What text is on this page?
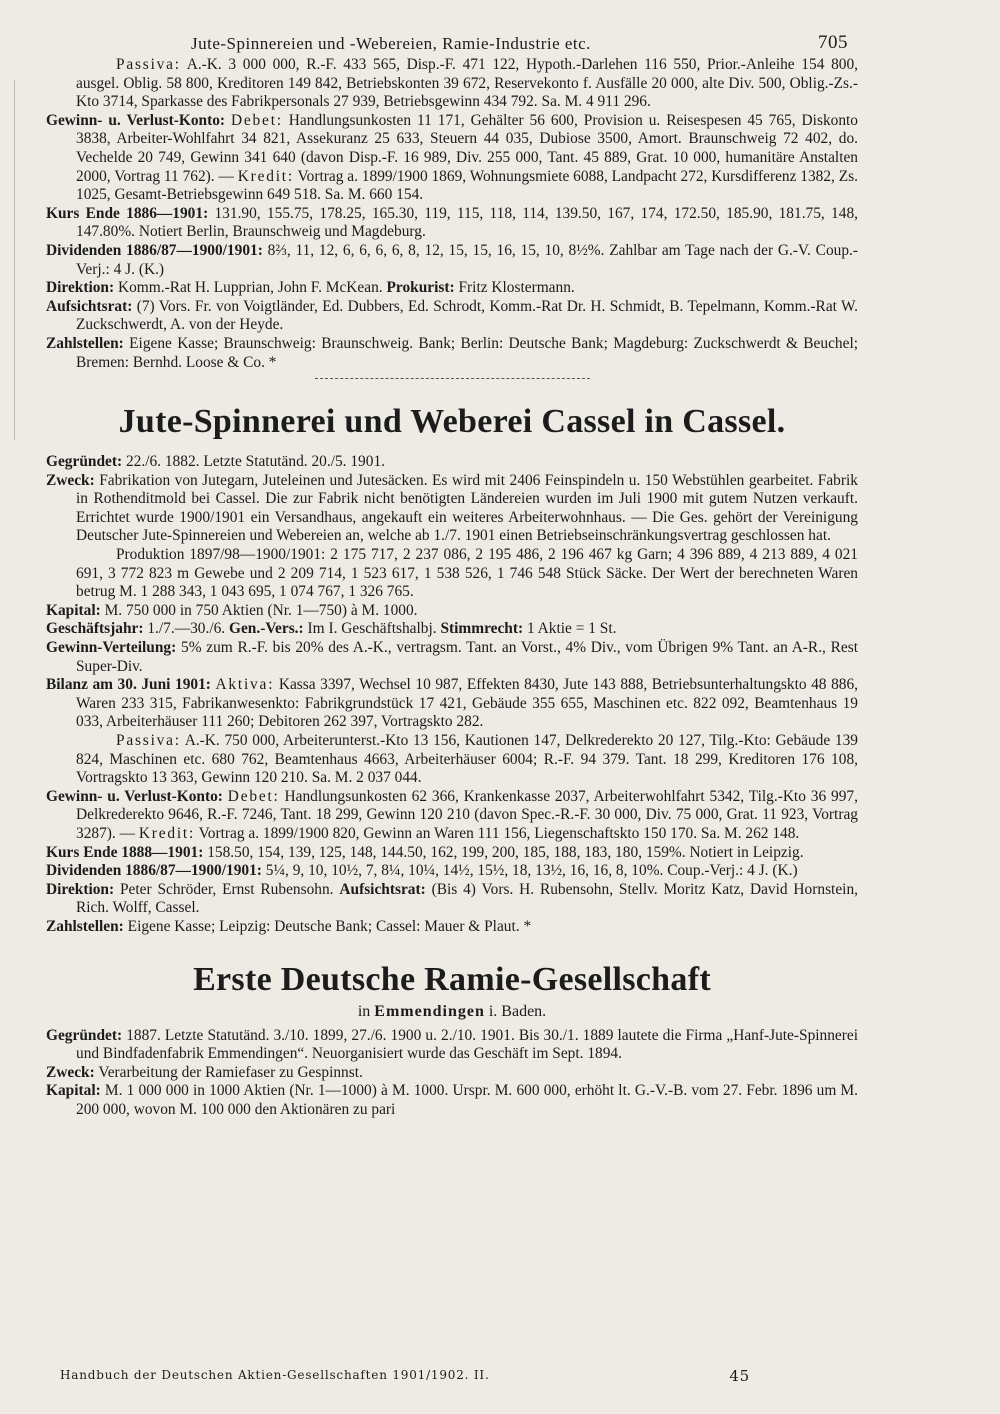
Jute-Spinnereien und -Webereien, Ramie-Industrie etc.	705

Passiva: A.-K. 3 000 000, R.-F. 433 565, Disp.-F. 471 122, Hypoth.-Darlehen 116 550, Prior.-Anleihe 154 800, ausgel. Oblig. 58 800, Kreditoren 149 842, Betriebskonten 39 672, Reservekonto f. Ausfälle 20 000, alte Div. 500, Oblig.-Zs.-Kto 3714, Sparkasse des Fabrikpersonals 27 939, Betriebsgewinn 434 792. Sa. M. 4 911 296.

Gewinn- u. Verlust-Konto: Debet: Handlungsunkosten 11 171, Gehälter 56 600, Provision u. Reisespesen 45 765, Diskonto 3838, Arbeiter-Wohlfahrt 34 821, Assekuranz 25 633, Steuern 44 035, Dubiose 3500, Amort. Braunschweig 72 402, do. Vechelde 20 749, Gewinn 341 640 (davon Disp.-F. 16 989, Div. 255 000, Tant. 45 889, Grat. 10 000, humanitäre Anstalten 2000, Vortrag 11 762). — Kredit: Vortrag a. 1899/1900 1869, Wohnungsmiete 6088, Landpacht 272, Kursdifferenz 1382, Zs. 1025, Gesamt-Betriebsgewinn 649 518. Sa. M. 660 154.

Kurs Ende 1886—1901: 131.90, 155.75, 178.25, 165.30, 119, 115, 118, 114, 139.50, 167, 174, 172.50, 185.90, 181.75, 148, 147.80%. Notiert Berlin, Braunschweig und Magdeburg.

Dividenden 1886/87—1900/1901: 8⅔, 11, 12, 6, 6, 6, 6, 8, 12, 15, 15, 16, 15, 10, 8½%. Zahlbar am Tage nach der G.-V. Coup.-Verj.: 4 J. (K.)

Direktion: Komm.-Rat H. Lupprian, John F. McKean. Prokurist: Fritz Klostermann.

Aufsichtsrat: (7) Vors. Fr. von Voigtländer, Ed. Dubbers, Ed. Schrodt, Komm.-Rat Dr. H. Schmidt, B. Tepelmann, Komm.-Rat W. Zuckschwerdt, A. von der Heyde.

Zahlstellen: Eigene Kasse; Braunschweig: Braunschweig. Bank; Berlin: Deutsche Bank; Magdeburg: Zuckschwerdt & Beuchel; Bremen: Bernhd. Loose & Co. *

Jute-Spinnerei und Weberei Cassel in Cassel.

Gegründet: 22./6. 1882. Letzte Statutänd. 20./5. 1901.

Zweck: Fabrikation von Jutegarn, Juteleinen und Jutesäcken. Es wird mit 2406 Feinspindeln u. 150 Webstühlen gearbeitet. Fabrik in Rothenditmold bei Cassel. Die zur Fabrik nicht benötigten Ländereien wurden im Juli 1900 mit gutem Nutzen verkauft. Errichtet wurde 1900/1901 ein Versandhaus, angekauft ein weiteres Arbeiterwohnhaus. — Die Ges. gehört der Vereinigung Deutscher Jute-Spinnereien und Webereien an, welche ab 1./7. 1901 einen Betriebseinschränkungsvertrag geschlossen hat.

Produktion 1897/98—1900/1901: 2 175 717, 2 237 086, 2 195 486, 2 196 467 kg Garn; 4 396 889, 4 213 889, 4 021 691, 3 772 823 m Gewebe und 2 209 714, 1 523 617, 1 538 526, 1 746 548 Stück Säcke. Der Wert der berechneten Waren betrug M. 1 288 343, 1 043 695, 1 074 767, 1 326 765.

Kapital: M. 750 000 in 750 Aktien (Nr. 1—750) à M. 1000.

Geschäftsjahr: 1./7.—30./6. Gen.-Vers.: Im I. Geschäftshalbj. Stimmrecht: 1 Aktie = 1 St.

Gewinn-Verteilung: 5% zum R.-F. bis 20% des A.-K., vertragsm. Tant. an Vorst., 4% Div., vom Übrigen 9% Tant. an A-R., Rest Super-Div.

Bilanz am 30. Juni 1901: Aktiva: Kassa 3397, Wechsel 10 987, Effekten 8430, Jute 143 888, Betriebsunterhaltungskto 48 886, Waren 233 315, Fabrikanwesenkto: Fabrikgrundstück 17 421, Gebäude 355 655, Maschinen etc. 822 092, Beamtenhaus 19 033, Arbeiterhäuser 111 260; Debitoren 262 397, Vortragskto 282.

Passiva: A.-K. 750 000, Arbeiterunterst.-Kto 13 156, Kautionen 147, Delkrederekto 20 127, Tilg.-Kto: Gebäude 139 824, Maschinen etc. 680 762, Beamtenhaus 4663, Arbeiterhäuser 6004; R.-F. 94 379. Tant. 18 299, Kreditoren 176 108, Vortragskto 13 363, Gewinn 120 210. Sa. M. 2 037 044.

Gewinn- u. Verlust-Konto: Debet: Handlungsunkosten 62 366, Krankenkasse 2037, Arbeiterwohlfahrt 5342, Tilg.-Kto 36 997, Delkrederekto 9646, R.-F. 7246, Tant. 18 299, Gewinn 120 210 (davon Spec.-R.-F. 30 000, Div. 75 000, Grat. 11 923, Vortrag 3287). — Kredit: Vortrag a. 1899/1900 820, Gewinn an Waren 111 156, Liegenschaftskto 150 170. Sa. M. 262 148.

Kurs Ende 1888—1901: 158.50, 154, 139, 125, 148, 144.50, 162, 199, 200, 185, 188, 183, 180, 159%. Notiert in Leipzig.

Dividenden 1886/87—1900/1901: 5¼, 9, 10, 10½, 7, 8¼, 10¼, 14½, 15½, 18, 13½, 16, 16, 8, 10%. Coup.-Verj.: 4 J. (K.)

Direktion: Peter Schröder, Ernst Rubensohn. Aufsichtsrat: (Bis 4) Vors. H. Rubensohn, Stellv. Moritz Katz, David Hornstein, Rich. Wolff, Cassel.

Zahlstellen: Eigene Kasse; Leipzig: Deutsche Bank; Cassel: Mauer & Plaut. *

Erste Deutsche Ramie-Gesellschaft
in Emmendingen i. Baden.

Gegründet: 1887. Letzte Statutänd. 3./10. 1899, 27./6. 1900 u. 2./10. 1901. Bis 30./1. 1889 lautete die Firma „Hanf-Jute-Spinnerei und Bindfadenfabrik Emmendingen“. Neuorganisiert wurde das Geschäft im Sept. 1894.

Zweck: Verarbeitung der Ramiefaser zu Gespinnst.

Kapital: M. 1 000 000 in 1000 Aktien (Nr. 1—1000) à M. 1000. Urspr. M. 600 000, erhöht lt. G.-V.-B. vom 27. Febr. 1896 um M. 200 000, wovon M. 100 000 den Aktionären zu pari

Handbuch der Deutschen Aktien-Gesellschaften 1901/1902. II.	45
